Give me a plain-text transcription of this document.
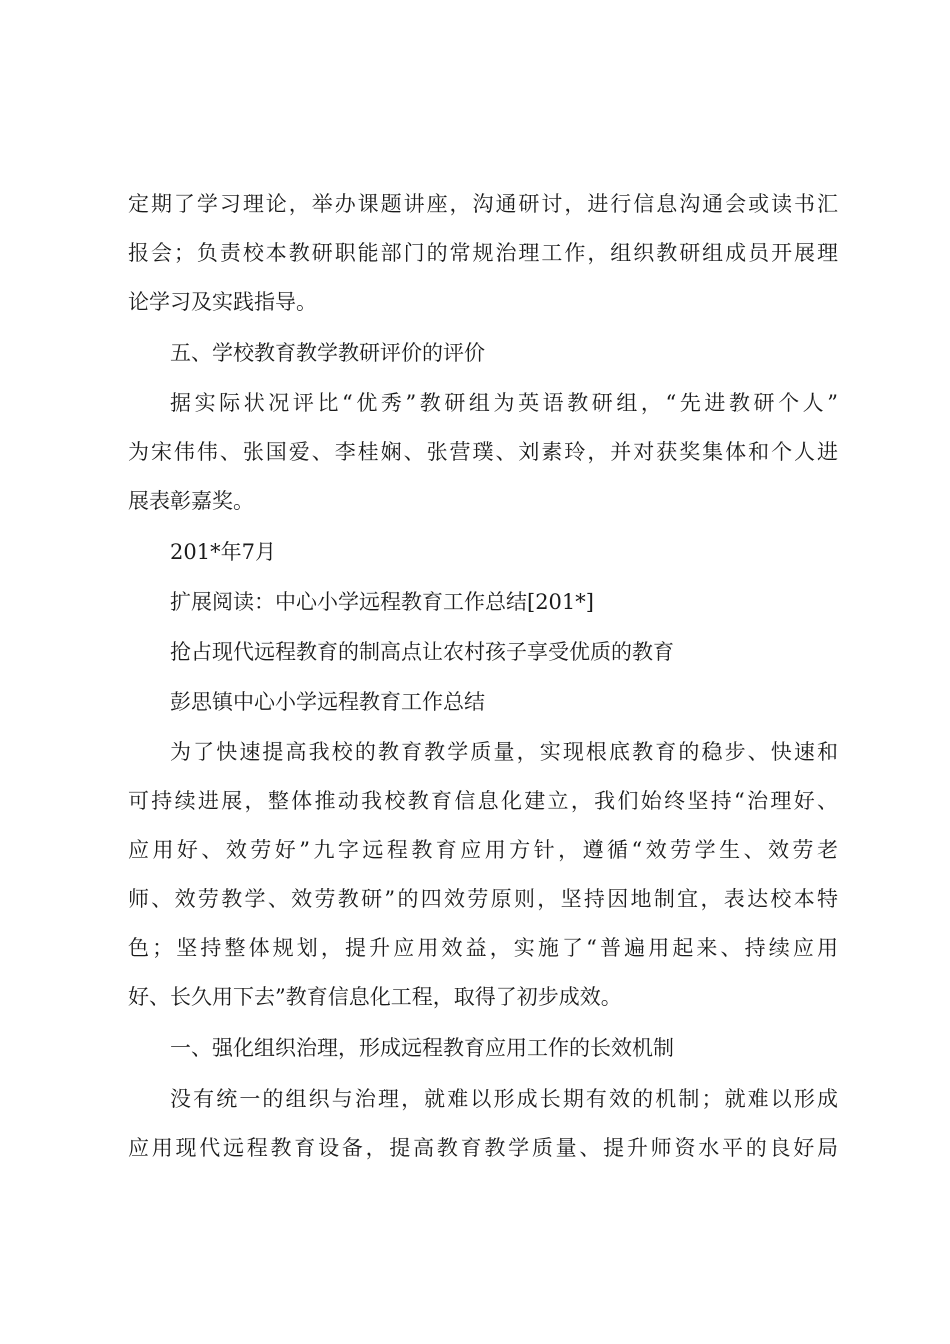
定期了学习理论，举办课题讲座，沟通研讨，进行信息沟通会或读书汇
报会；负责校本教研职能部门的常规治理工作，组织教研组成员开展理
论学习及实践指导。
五、学校教育教学教研评价的评价
据实际状况评比“优秀”教研组为英语教研组，“先进教研个人”
为宋伟伟、张国爱、李桂娴、张营璞、刘素玲，并对获奖集体和个人进
展表彰嘉奖。
201*年7月
扩展阅读：中心小学远程教育工作总结[201*]
抢占现代远程教育的制高点让农村孩子享受优质的教育
彭思镇中心小学远程教育工作总结
为了快速提高我校的教育教学质量，实现根底教育的稳步、快速和
可持续进展，整体推动我校教育信息化建立，我们始终坚持“治理好、
应用好、效劳好”九字远程教育应用方针，遵循“效劳学生、效劳老
师、效劳教学、效劳教研”的四效劳原则，坚持因地制宜，表达校本特
色；坚持整体规划，提升应用效益，实施了“普遍用起来、持续应用
好、长久用下去”教育信息化工程，取得了初步成效。
一、强化组织治理，形成远程教育应用工作的长效机制
没有统一的组织与治理，就难以形成长期有效的机制；就难以形成
应用现代远程教育设备，提高教育教学质量、提升师资水平的良好局
